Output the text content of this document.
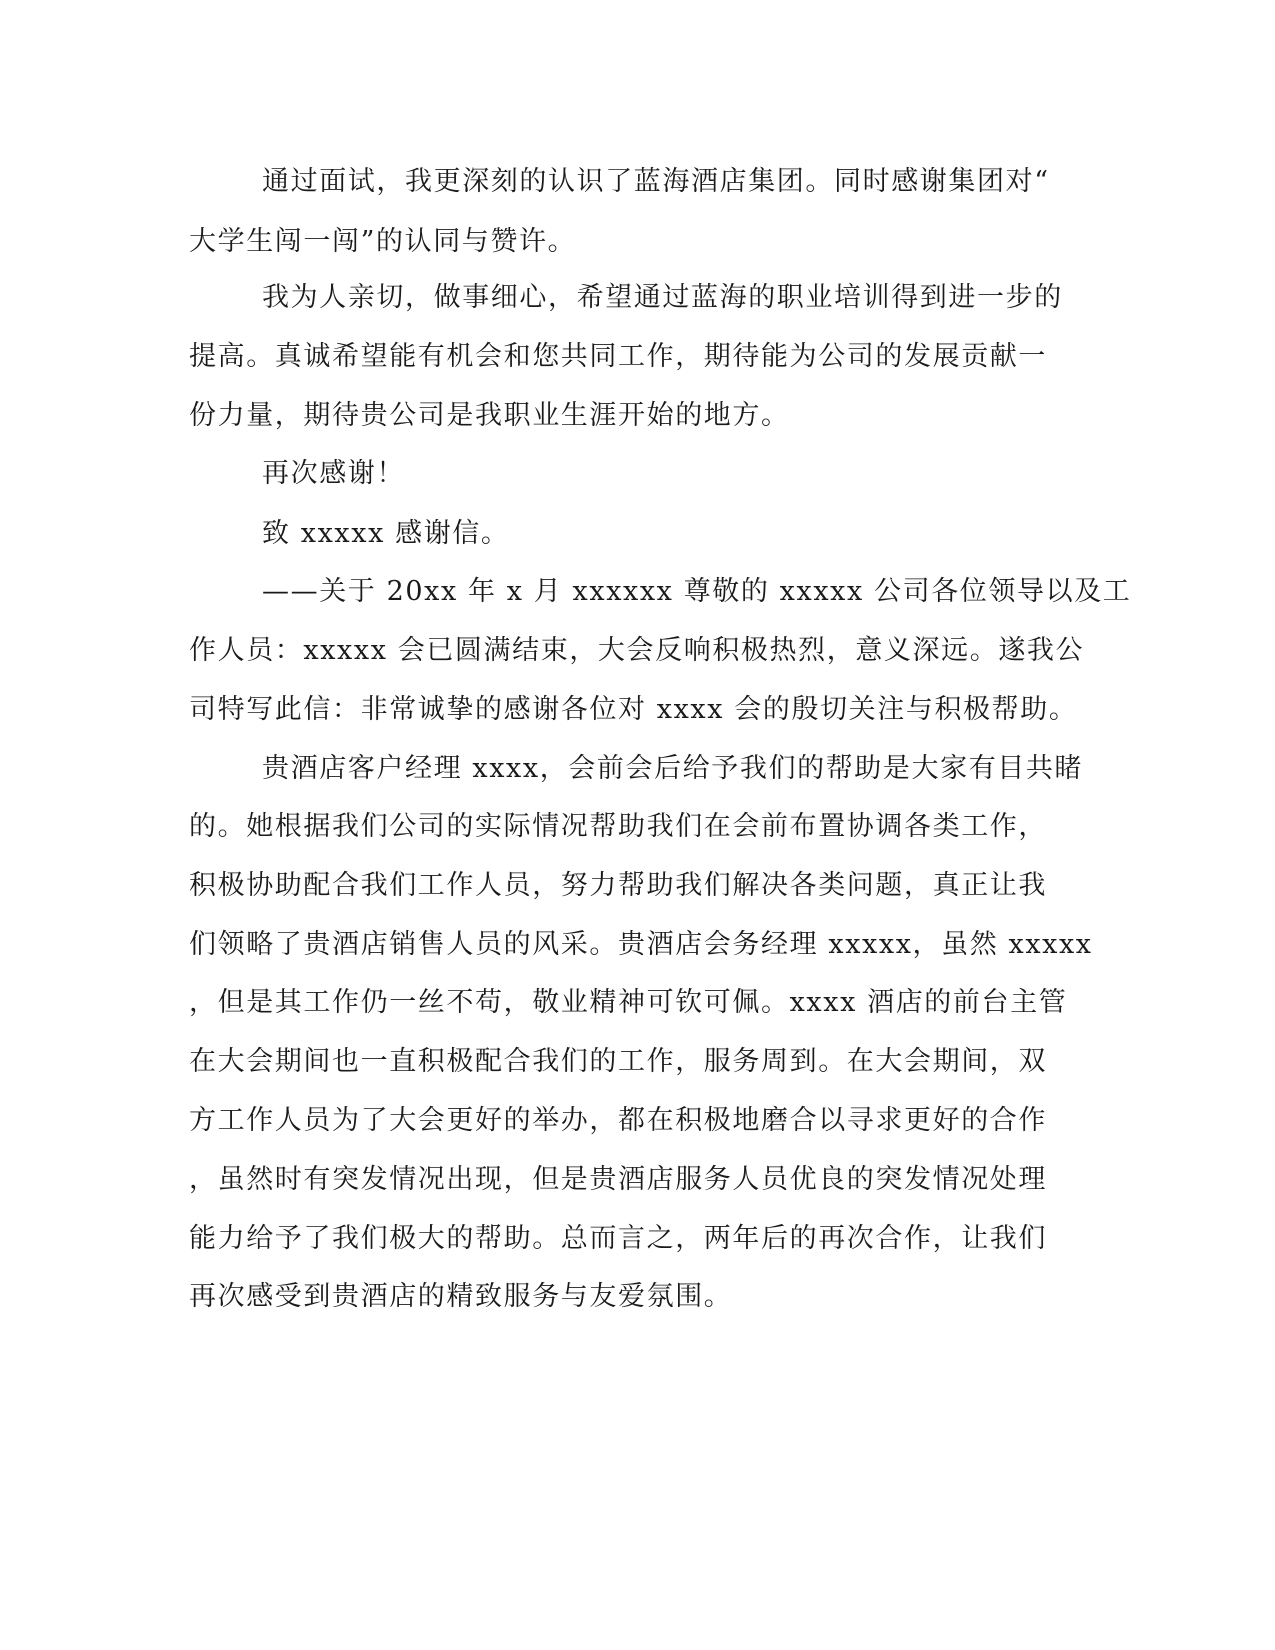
通过面试，我更深刻的认识了蓝海酒店集团。同时感谢集团对“
大学生闯一闯”的认同与赞许。
我为人亲切，做事细心，希望通过蓝海的职业培训得到进一步的
提高。真诚希望能有机会和您共同工作，期待能为公司的发展贡献一
份力量，期待贵公司是我职业生涯开始的地方。
再次感谢！
致 xxxxx 感谢信。
——关于 20xx 年 x 月 xxxxxx 尊敬的 xxxxx 公司各位领导以及工
作人员：xxxxx 会已圆满结束，大会反响积极热烈，意义深远。遂我公
司特写此信：非常诚挚的感谢各位对 xxxx 会的殷切关注与积极帮助。
贵酒店客户经理 xxxx，会前会后给予我们的帮助是大家有目共睹
的。她根据我们公司的实际情况帮助我们在会前布置协调各类工作，
积极协助配合我们工作人员，努力帮助我们解决各类问题，真正让我
们领略了贵酒店销售人员的风采。贵酒店会务经理 xxxxx，虽然 xxxxx
，但是其工作仍一丝不苟，敬业精神可钦可佩。xxxx 酒店的前台主管
在大会期间也一直积极配合我们的工作，服务周到。在大会期间，双
方工作人员为了大会更好的举办，都在积极地磨合以寻求更好的合作
，虽然时有突发情况出现，但是贵酒店服务人员优良的突发情况处理
能力给予了我们极大的帮助。总而言之，两年后的再次合作，让我们
再次感受到贵酒店的精致服务与友爱氛围。
